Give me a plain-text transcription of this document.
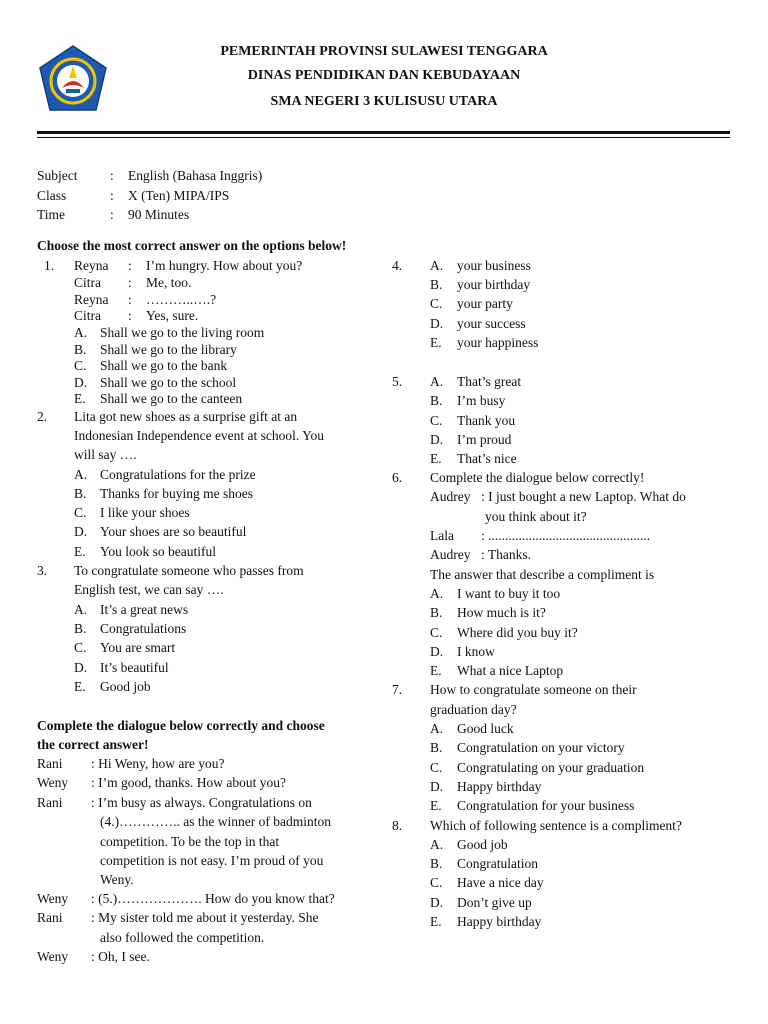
PEMERINTAH PROVINSI SULAWESI TENGGARA
DINAS PENDIDIKAN DAN KEBUDAYAAN
SMA NEGERI 3 KULISUSU UTARA
Subject : English (Bahasa Inggris)
Class	: X (Ten) MIPA/IPS
Time	: 90 Minutes
Choose the most correct answer on the options below!
1. Reyna : I’m hungry. How about you?
Citra : Me, too.
Reyna : ………..….?
Citra : Yes, sure.
A. Shall we go to the living room
B. Shall we go to the library
C. Shall we go to the bank
D. Shall we go to the school
E. Shall we go to the canteen
2. Lita got new shoes as a surprise gift at an
Indonesian Independence event at school. You
will say ….
A. Congratulations for the prize
B. Thanks for buying me shoes
C. I like your shoes
D. Your shoes are so beautiful
E. You look so beautiful
3. To congratulate someone who passes from
English test, we can say ….
A. It’s a great news
B. Congratulations
C. You are smart
D. It’s beautiful
E. Good job
Complete the dialogue below correctly and choose
the correct answer!
Rani : Hi Weny, how are you?
Weny : I’m good, thanks. How about you?
Rani : I’m busy as always. Congratulations on
(4.)………….. as the winner of badminton
competition. To be the top in that
competition is not easy. I’m proud of you
Weny.
Weny : (5.)………………. How do you know that?
Rani : My sister told me about it yesterday. She
also followed the competition.
Weny : Oh, I see.
4. A. your business
B. your birthday
C. your party
D. your success
E. your happiness
5. A. That’s great
B. I’m busy
C. Thank you
D. I’m proud
E. That’s nice
6. Complete the dialogue below correctly!
Audrey : I just bought a new Laptop. What do
you think about it?
Lala : ................................................
Audrey : Thanks.
The answer that describe a compliment is
A. I want to buy it too
B. How much is it?
C. Where did you buy it?
D. I know
E. What a nice Laptop
7. How to congratulate someone on their
graduation day?
A. Good luck
B. Congratulation on your victory
C. Congratulating on your graduation
D. Happy birthday
E. Congratulation for your business
8. Which of following sentence is a compliment?
A. Good job
B. Congratulation
C. Have a nice day
D. Don’t give up
E. Happy birthday
